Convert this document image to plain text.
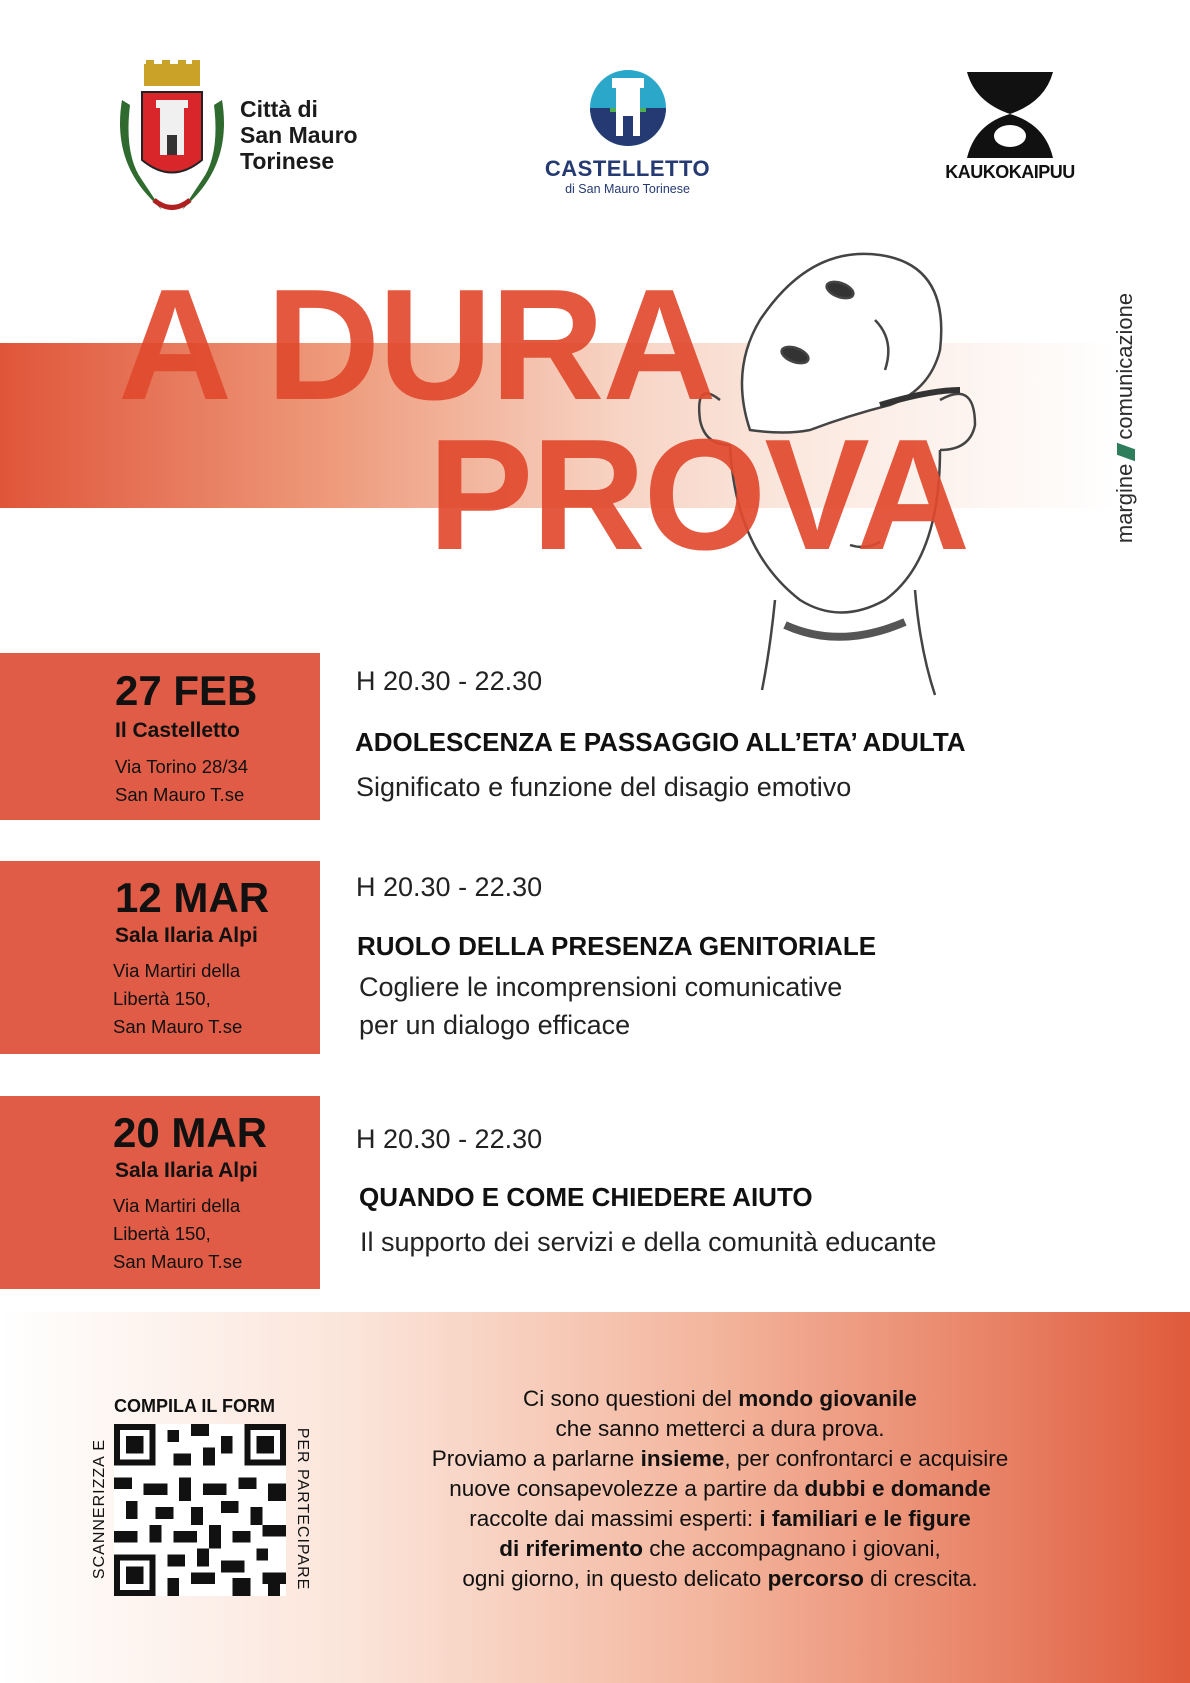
Città di
San Mauro
Torinese	CASTELLETTO
di San Mauro Torinese
KAUKOKAIPUU
A DURA
PROVA	marginecomunicazione
27 FEB
Il Castelletto
Via Torino 28/34
San Mauro T.se
H 20.30 - 22.30
ADOLESCENZA E PASSAGGIO ALL’ETA’ ADULTA
Significato e funzione del disagio emotivo
12 MAR
Sala Ilaria Alpi
Via Martiri della
Libertà 150,
San Mauro T.se
H 20.30 - 22.30
RUOLO DELLA PRESENZA GENITORIALE
Cogliere le incomprensioni comunicative
per un dialogo efficace
20 MAR
Sala Ilaria Alpi
Via Martiri della
Libertà 150,
San Mauro T.se
H 20.30 - 22.30
QUANDO E COME CHIEDERE AIUTO
Il supporto dei servizi e della comunità educante
COMPILA IL FORM
SCANNERIZZA E	PER PARTECIPARE
Ci sono questioni del mondo giovanile
che sanno metterci a dura prova.
Proviamo a parlarne insieme, per confrontarci e acquisire
nuove consapevolezze a partire da dubbi e domande
raccolte dai massimi esperti: i familiari e le figure
di riferimento che accompagnano i giovani,
ogni giorno, in questo delicato percorso di crescita.
